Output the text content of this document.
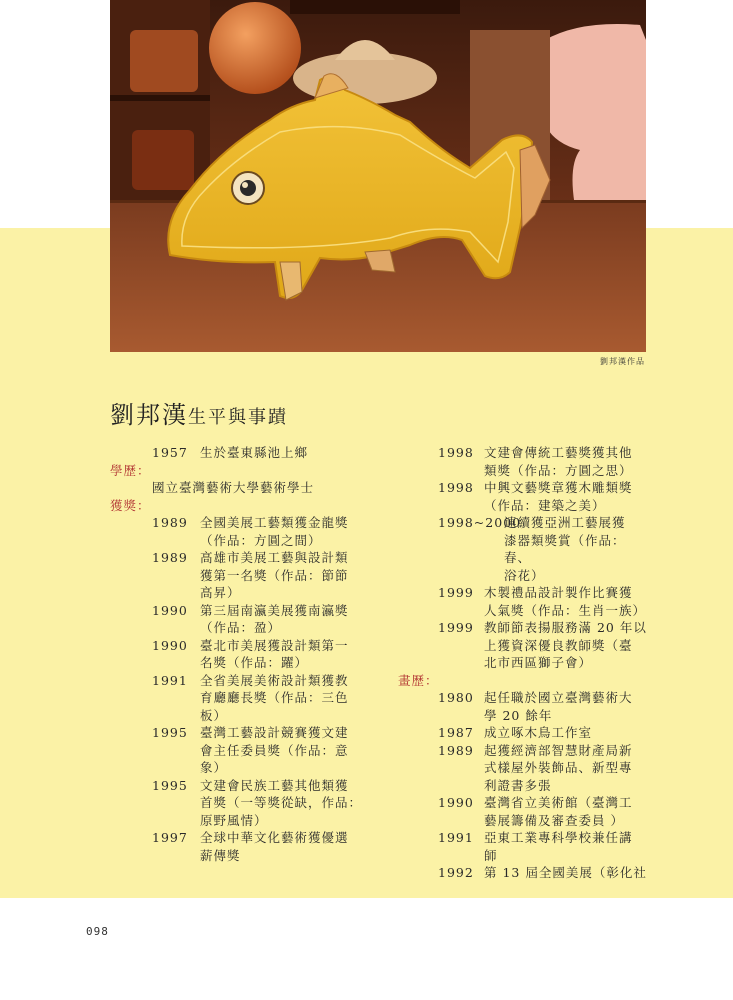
劉邦漢作品
劉邦漢生平與事蹟
1957 生於臺東縣池上鄉
學歷：
國立臺灣藝術大學藝術學士
獲獎：
1989 全國美展工藝類獲金龍獎
（作品：方圓之間）
1989 高雄市美展工藝與設計類
獲第一名獎（作品：節節
高昇）
1990 第三屆南瀛美展獲南瀛獎
（作品：盈）
1990 臺北市美展獲設計類第一
名獎（作品：躍）
1991 全省美展美術設計類獲教
育廳廳長獎（作品：三色
板）
1995 臺灣工藝設計競賽獲文建
會主任委員獎（作品：意
象）
1995 文建會民族工藝其他類獲
首獎（一等獎從缺，作品：
原野風情）
1997 全球中華文化藝術獲優選
薪傳獎
1998 文建會傳統工藝獎獲其他
類獎（作品：方圓之思）
1998 中興文藝獎章獲木雕類獎
（作品：建築之美）
1998~2000
連續獲亞洲工藝展獲
漆器類獎賞（作品：春、
浴花）
1999 木製禮品設計製作比賽獲
人氣獎（作品：生肖一族）
1999 教師節表揚服務滿 20 年以
上獲資深優良教師獎（臺
北市西區獅子會）
畫歷：
1980 起任職於國立臺灣藝術大
學 20 餘年
1987 成立啄木鳥工作室
1989 起獲經濟部智慧財產局新
式樣屋外裝飾品、新型專
利證書多張
1990 臺灣省立美術館（臺灣工
藝展籌備及審查委員 ）
1991 亞東工業專科學校兼任講
師
1992 第 13 屆全國美展（彰化社
098
